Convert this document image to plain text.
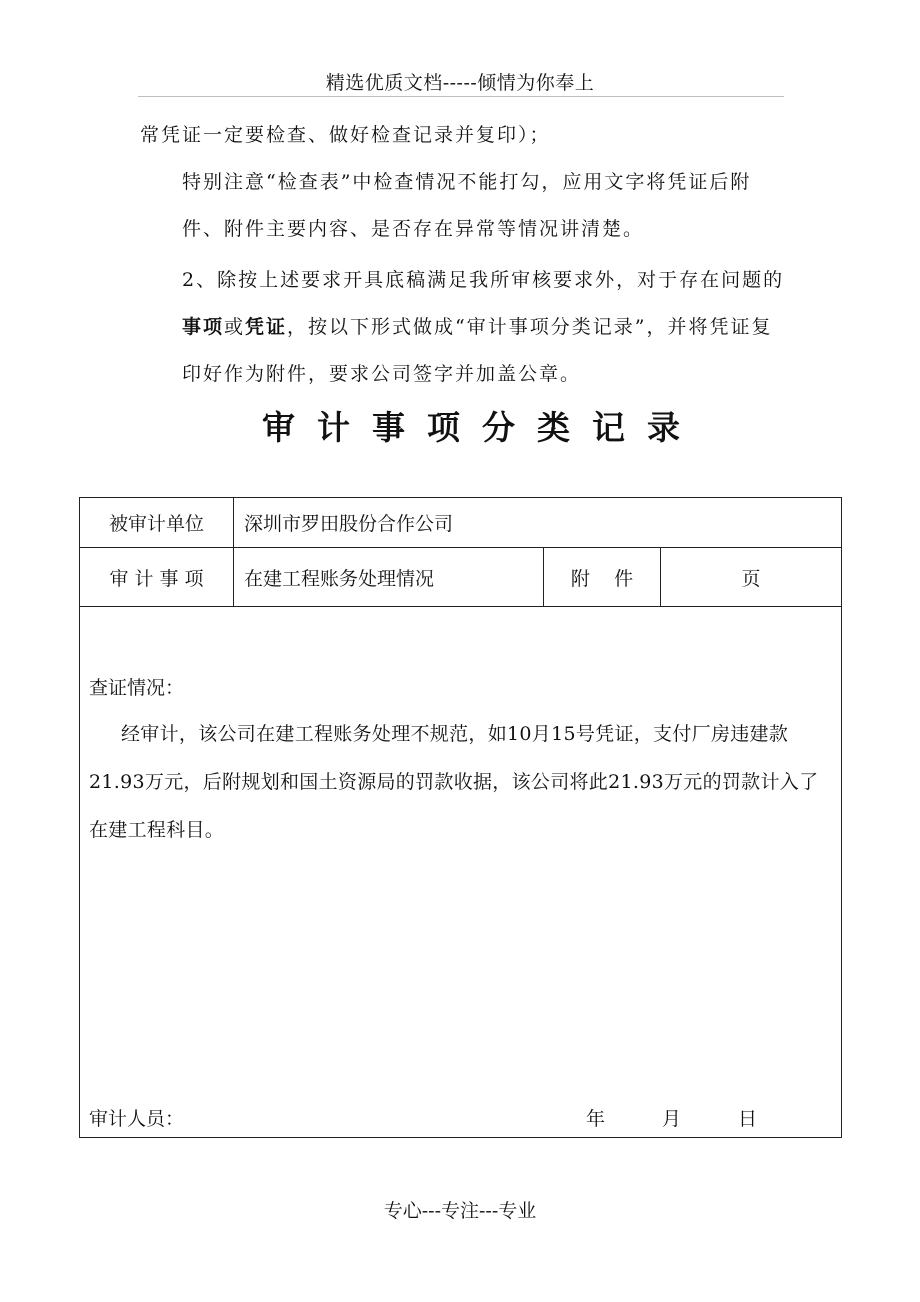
精选优质文档-----倾情为你奉上
常凭证一定要检查、做好检查记录并复印）；
特别注意“检查表”中检查情况不能打勾，应用文字将凭证后附件、附件主要内容、是否存在异常等情况讲清楚。
2、除按上述要求开具底稿满足我所审核要求外，对于存在问题的事项或凭证，按以下形式做成“审计事项分类记录”，并将凭证复印好作为附件，要求公司签字并加盖公章。
审计事项分类记录
被审计单位	深圳市罗田股份合作公司
审 计 事 项	在建工程账务处理情况	附    件	页
查证情况：
经审计，该公司在建工程账务处理不规范，如10月15号凭证，支付厂房违建款21.93万元，后附规划和国土资源局的罚款收据，该公司将此21.93万元的罚款计入了在建工程科目。
审计人员：	年	月	日
专心---专注---专业
